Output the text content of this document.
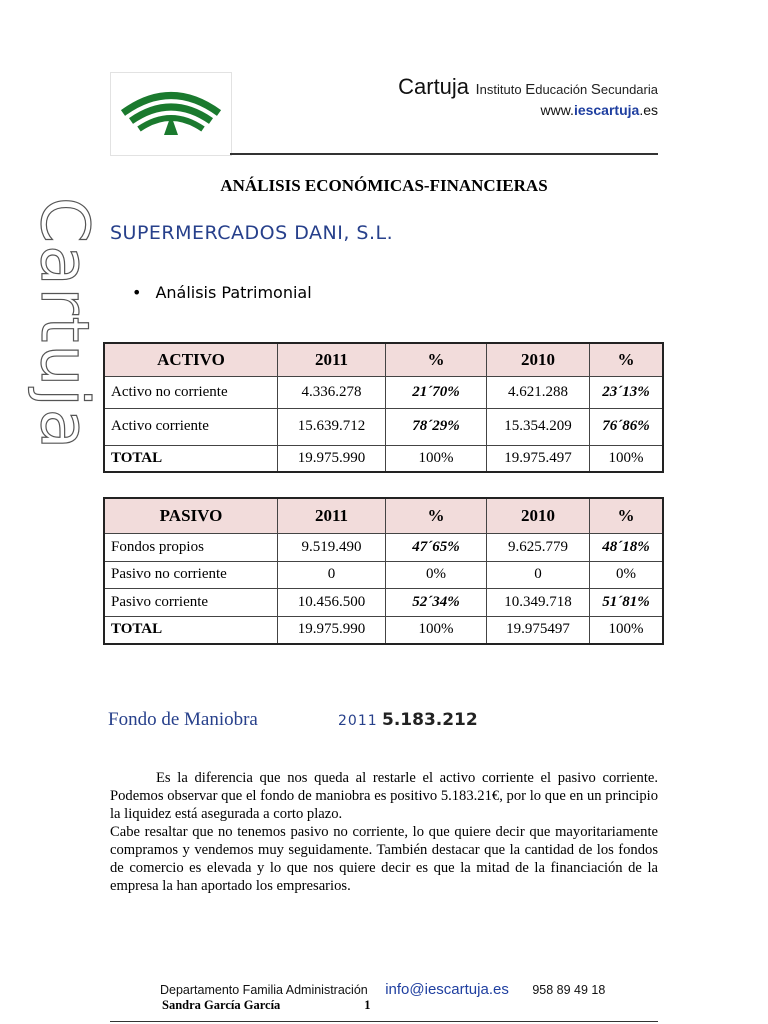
Cartuja Instituto Educación Secundaria
www.iescartuja.es
Cartuja
ANÁLISIS ECONÓMICAS-FINANCIERAS
SUPERMERCADOS DANI, S.L.
• Análisis Patrimonial
ACTIVO	2011	%	2010	%
Activo no corriente	4.336.278	21´70%	4.621.288	23´13%
Activo corriente	15.639.712	78´29%	15.354.209	76´86%
TOTAL	19.975.990	100%	19.975.497	100%
PASIVO	2011	%	2010	%
Fondos propios	9.519.490	47´65%	9.625.779	48´18%
Pasivo no corriente	0	0%	0	0%
Pasivo corriente	10.456.500	52´34%	10.349.718	51´81%
TOTAL	19.975.990	100%	19.975497	100%
Fondo de Maniobra	2011 5.183.212

Es la diferencia que nos queda al restarle el activo corriente el pasivo corriente. Podemos observar que el fondo de maniobra es positivo 5.183.21€, por lo que en un principio la liquidez está asegurada a corto plazo.

Cabe resaltar que no tenemos pasivo no corriente, lo que quiere decir que mayoritariamente compramos y vendemos muy seguidamente. También destacar que la cantidad de los fondos de comercio es elevada y lo que nos quiere decir es que la mitad de la financiación de la empresa la han aportado los empresarios.

Departamento Familia Administración info@iescartuja.es 958 89 49 18
Sandra García García	1
